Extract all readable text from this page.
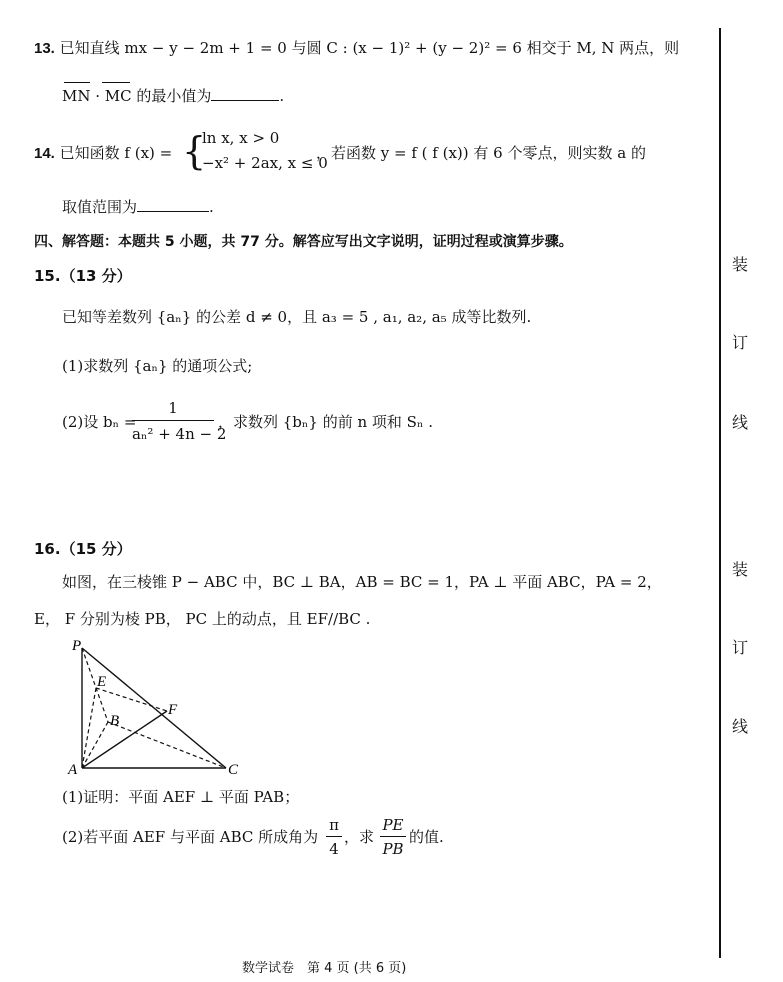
13. 已知直线 mx − y − 2m + 1 = 0 与圆 C : (x − 1)² + (y − 2)² = 6 相交于 M, N 两点，则
MN · MC 的最小值为	.
14. 已知函数 f (x) = {
ln x, x > 0
−x² + 2ax, x ≤ 0
，若函数 y = f ( f (x)) 有 6 个零点，则实数 a 的
取值范围为	.
四、解答题：本题共 5 小题，共 77 分。解答应写出文字说明，证明过程或演算步骤。
15.（13 分）
已知等差数列 {aₙ} 的公差 d ≠ 0，且 a₃ = 5 , a₁, a₂, a₅ 成等比数列.
(1)求数列 {aₙ} 的通项公式;
(2)设 bₙ =
1
aₙ² + 4n − 2
，求数列 {bₙ} 的前 n 项和 Sₙ .
16.（15 分）
如图，在三棱锥 P − ABC 中，BC ⊥ BA，AB = BC = 1，PA ⊥ 平面 ABC，PA = 2，
E， F 分别为棱 PB， PC 上的动点，且 EF//BC .
P
E
F
B
A	C
(1)证明：平面 AEF ⊥ 平面 PAB；
(2)若平面 AEF 与平面 ABC 所成角为
π
4
，求
PE
PB
的值.
装
订
线
装
订
线
数学试卷　第 4 页 (共 6 页)
